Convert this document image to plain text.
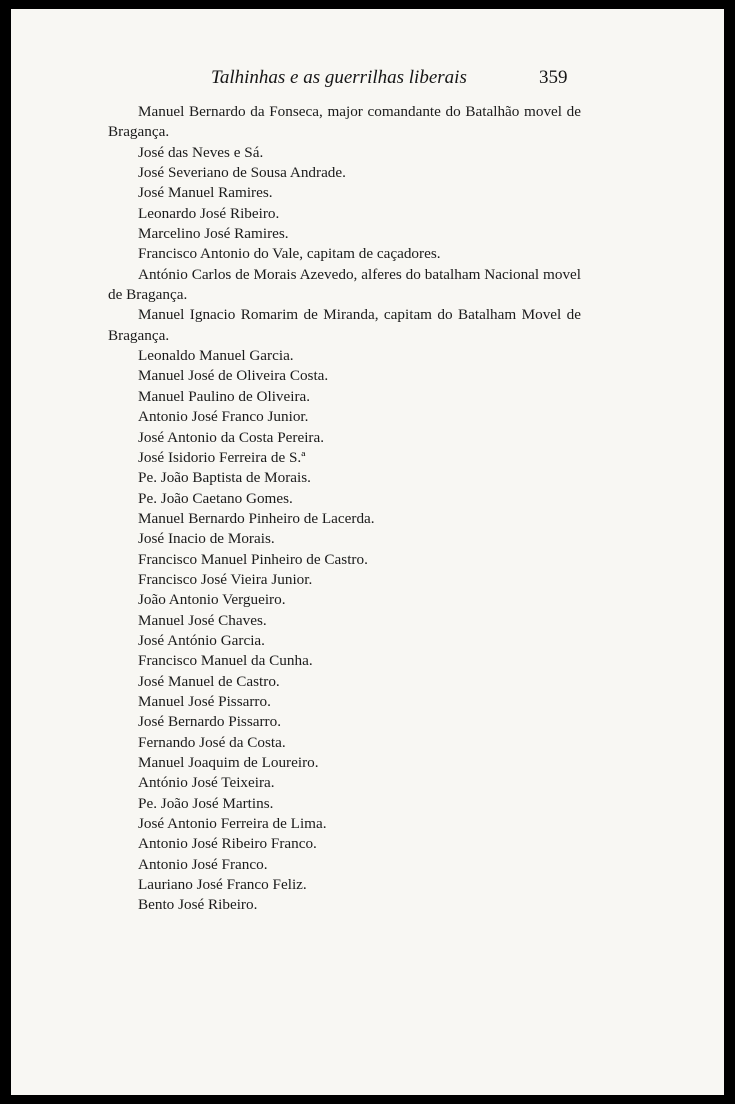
Talhinhas e as guerrilhas liberais	359

Manuel Bernardo da Fonseca, major comandante do Batalhão movel de Bragança.

José das Neves e Sá.

José Severiano de Sousa Andrade.

José Manuel Ramires.

Leonardo José Ribeiro.

Marcelino José Ramires.

Francisco Antonio do Vale, capitam de caçadores.

António Carlos de Morais Azevedo, alferes do batalham Nacional movel de Bragança.

Manuel Ignacio Romarim de Miranda, capitam do Batalham Movel de Bragança.

Leonaldo Manuel Garcia.

Manuel José de Oliveira Costa.

Manuel Paulino de Oliveira.

Antonio José Franco Junior.

José Antonio da Costa Pereira.

José Isidorio Ferreira de S.ª

Pe. João Baptista de Morais.

Pe. João Caetano Gomes.

Manuel Bernardo Pinheiro de Lacerda.

José Inacio de Morais.

Francisco Manuel Pinheiro de Castro.

Francisco José Vieira Junior.

João Antonio Vergueiro.

Manuel José Chaves.

José António Garcia.

Francisco Manuel da Cunha.

José Manuel de Castro.

Manuel José Pissarro.

José Bernardo Pissarro.

Fernando José da Costa.

Manuel Joaquim de Loureiro.

António José Teixeira.

Pe. João José Martins.

José Antonio Ferreira de Lima.

Antonio José Ribeiro Franco.

Antonio José Franco.

Lauriano José Franco Feliz.

Bento José Ribeiro.
